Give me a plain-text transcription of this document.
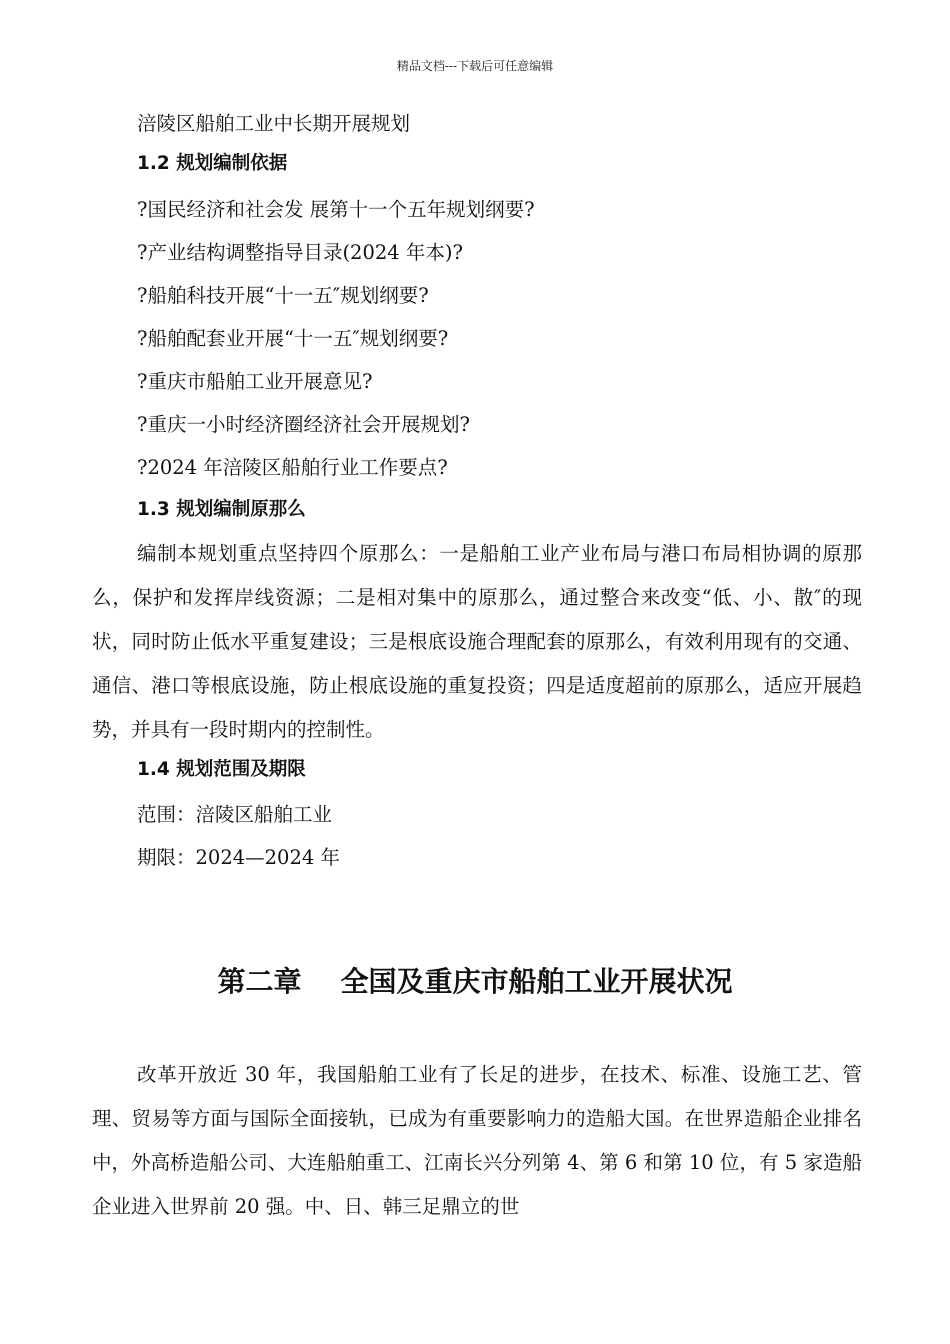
精品文档---下载后可任意编辑
涪陵区船舶工业中长期开展规划
1.2 规划编制依据
?国民经济和社会发 展第十一个五年规划纲要?
?产业结构调整指导目录(2024 年本)?
?船舶科技开展“十一五″规划纲要?
?船舶配套业开展“十一五″规划纲要?
?重庆市船舶工业开展意见?
?重庆一小时经济圈经济社会开展规划?
?2024 年涪陵区船舶行业工作要点?
1.3 规划编制原那么
编制本规划重点坚持四个原那么：一是船舶工业产业布局与港口布局相协调的原那么，保护和发挥岸线资源；二是相对集中的原那么，通过整合来改变“低、小、散″的现状，同时防止低水平重复建设；三是根底设施合理配套的原那么，有效利用现有的交通、通信、港口等根底设施，防止根底设施的重复投资；四是适度超前的原那么，适应开展趋势，并具有一段时期内的控制性。
1.4 规划范围及期限
范围：涪陵区船舶工业
期限：2024—2024 年
第二章    全国及重庆市船舶工业开展状况
改革开放近 30 年，我国船舶工业有了长足的进步，在技术、标准、设施工艺、管理、贸易等方面与国际全面接轨，已成为有重要影响力的造船大国。在世界造船企业排名中，外高桥造船公司、大连船舶重工、江南长兴分列第 4、第 6 和第 10 位，有 5 家造船企业进入世界前 20 强。中、日、韩三足鼎立的世
